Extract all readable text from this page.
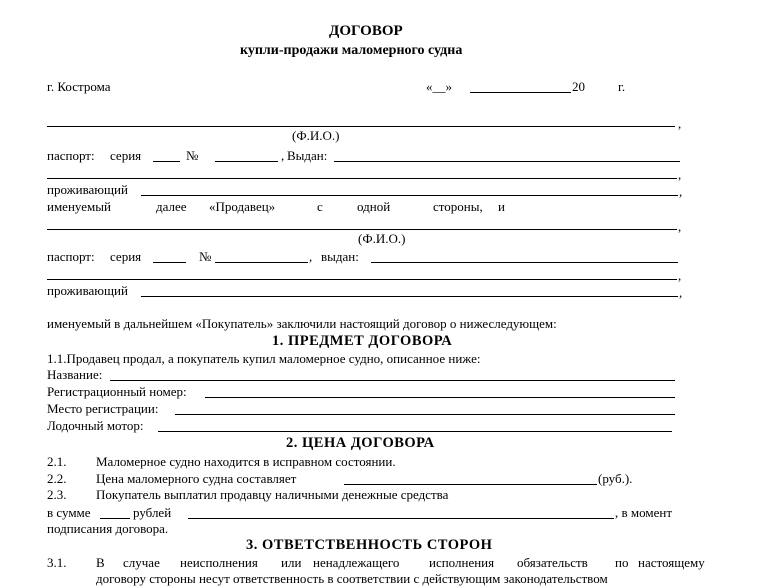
ДОГОВОР
купли-продажи маломерного судна
г. Кострома	«__»	20	г.
,
(Ф.И.О.)
паспорт: серия	№	, Выдан:
,
проживающий	,
именуемый	далее «Продавец»	с	одной	стороны, и
,
(Ф.И.О.)
паспорт: серия	№	, выдан:
,
проживающий	,
именуемый в дальнейшем «Покупатель» заключили настоящий договор о нижеследующем:
1. ПРЕДМЕТ ДОГОВОРА
1.1.Продавец продал, а покупатель купил маломерное судно, описанное ниже:
Название:
Регистрационный номер:
Место регистрации:
Лодочный мотор:
2. ЦЕНА ДОГОВОРА
2.1. Маломерное судно находится в исправном состоянии.
2.2. Цена маломерного судна составляет	(руб.).
2.3. Покупатель выплатил продавцу наличными денежные средства
в сумме	рублей	, в момент
подписания договора.
3. ОТВЕТСТВЕННОСТЬ СТОРОН
3.1. В случае неисполнения или ненадлежащего исполнения обязательств по настоящему
договору стороны несут ответственность в соответствии с действующим законодательством
